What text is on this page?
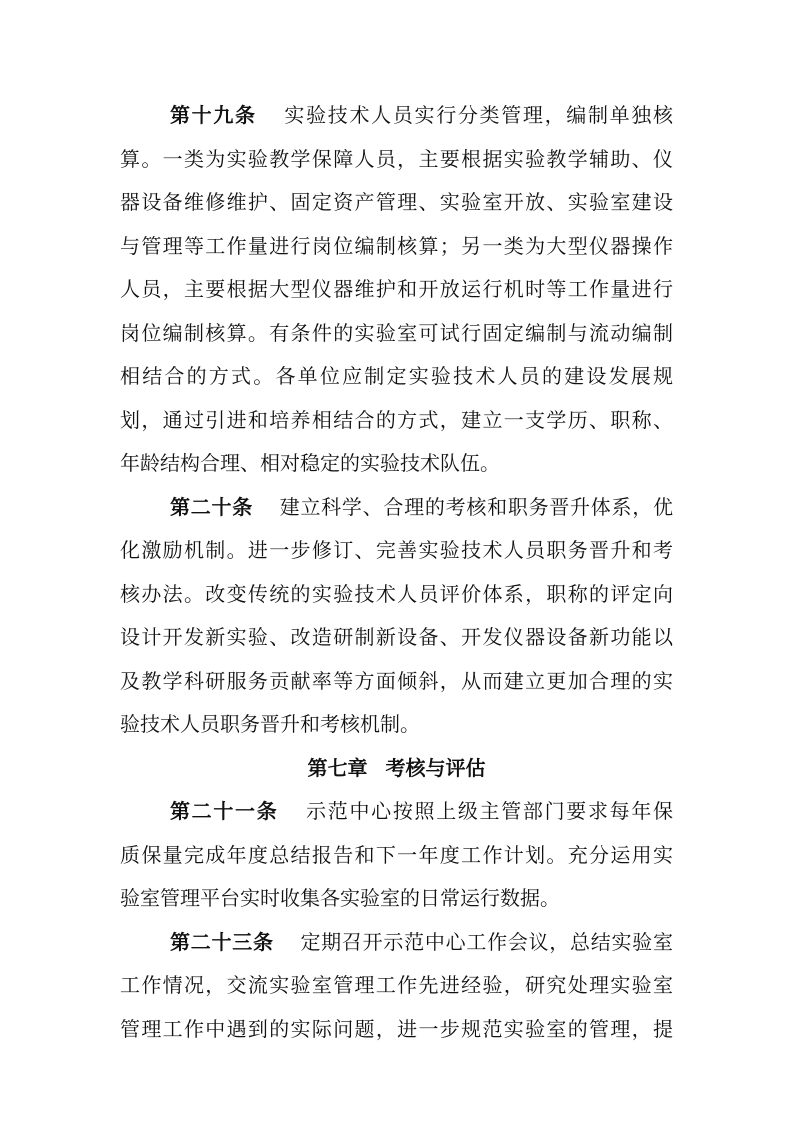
第十九条 实验技术人员实行分类管理，编制单独核
算。一类为实验教学保障人员，主要根据实验教学辅助、仪
器设备维修维护、固定资产管理、实验室开放、实验室建设
与管理等工作量进行岗位编制核算；另一类为大型仪器操作
人员，主要根据大型仪器维护和开放运行机时等工作量进行
岗位编制核算。有条件的实验室可试行固定编制与流动编制
相结合的方式。各单位应制定实验技术人员的建设发展规
划，通过引进和培养相结合的方式，建立一支学历、职称、
年龄结构合理、相对稳定的实验技术队伍。
第二十条 建立科学、合理的考核和职务晋升体系，优
化激励机制。进一步修订、完善实验技术人员职务晋升和考
核办法。改变传统的实验技术人员评价体系，职称的评定向
设计开发新实验、改造研制新设备、开发仪器设备新功能以
及教学科研服务贡献率等方面倾斜，从而建立更加合理的实
验技术人员职务晋升和考核机制。
第七章 考核与评估
第二十一条 示范中心按照上级主管部门要求每年保
质保量完成年度总结报告和下一年度工作计划。充分运用实
验室管理平台实时收集各实验室的日常运行数据。
第二十三条 定期召开示范中心工作会议，总结实验室
工作情况，交流实验室管理工作先进经验，研究处理实验室
管理工作中遇到的实际问题，进一步规范实验室的管理，提
